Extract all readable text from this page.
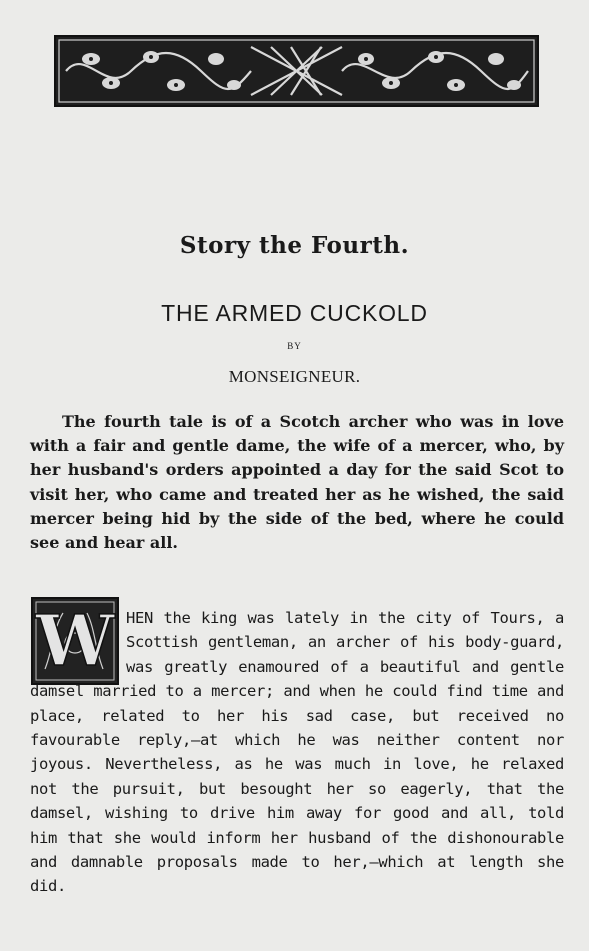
Story the Fourth.
THE ARMED CUCKOLD
BY
MONSEIGNEUR.

The fourth tale is of a Scotch archer who was in love with a fair and gentle dame, the wife of a mercer, who, by her husband's orders appointed a day for the said Scot to visit her, who came and treated her as he wished, the said mercer being hid by the side of the bed, where he could see and hear all.

W HEN the king was lately in the city of Tours, a Scottish gentleman, an archer of his body-guard, was greatly enamoured of a beautiful and gentle damsel married to a mercer; and when he could find time and place, related to her his sad case, but received no favourable reply,—at which he was neither content nor joyous. Nevertheless, as he was much in love, he relaxed not the pursuit, but besought her so eagerly, that the damsel, wishing to drive him away for good and all, told him that she would inform her husband of the dishonourable and damnable proposals made to her,—which at length she did.
